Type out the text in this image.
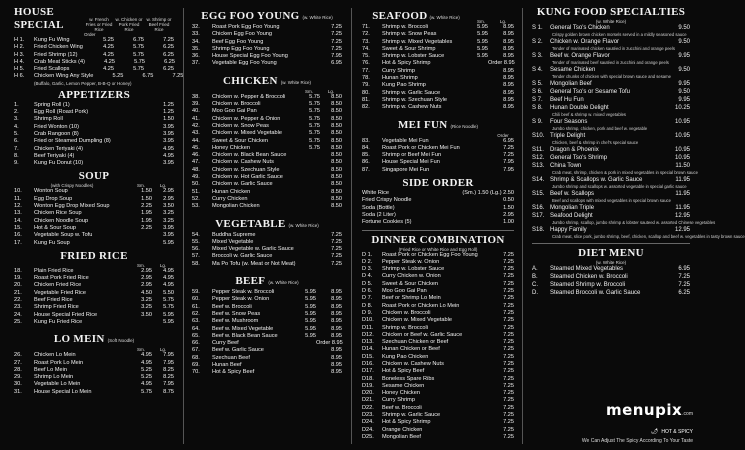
HOUSE SPECIAL	w. French Fries or Fried Rice
w. Chicken or Pork Fried Rice
w. Shrimp or Beef Fried Rice
Order
H 1.	Kung Fu Wing	5.25	6.75	7.25
H 2.	Fried Chicken Wing	4.25	5.75	6.25
H 3.	Fried Shrimp (12)	4.25	5.75	6.25
H 4.	Crab Meat Sticks (4)	4.25	5.75	6.25
H 5.	Fried Scallops	4.25	5.75	6.25
H 6.	Chicken Wing Any Style	5.25	6.75	7.25
(Buffalo, Garlic, Lemon Pepper, B-B-Q or Honey)
APPETIZERS
1.	Spring Roll (1)	1.25
2.	Egg Roll (Roast Pork)	1.25
3.	Shrimp Roll	1.50
4.	Fried Wonton (10)	3.95
5.	Crab Rangoon (8)	3.95
6.	Fried or Steamed Dumpling (8)	3.95
7.	Chicken Teriyaki (4)	4.95
8.	Beef Teriyaki (4)	4.95
9.	Kung Fu Donut (10)	3.95
SOUP
(with Crispy Noodles)	Sm.	Lg.
10.	Wonton Soup	1.50	2.95
11.	Egg Drop Soup	1.50	2.95
12.	Wonton Egg Drop Mixed Soup	2.25	3.50
13.	Chicken Rice Soup	1.95	3.25
14.	Chicken Noodle Soup	1.95	3.25
15.	Hot & Sour Soup	2.25	3.95
16.	Vegetable Soup w. Tofu	3.95
17.	Kung Fu Soup	5.95
FRIED RICE
Sm.	Lg.
18.	Plain Fried Rice	2.95	4.95
19.	Roast Pork Fried Rice	2.95	4.95
20.	Chicken Fried Rice	2.95	4.95
21.	Vegetable Fried Rice	4.50	5.50
22.	Beef Fried Rice	3.25	5.75
23.	Shrimp Fried Rice	3.25	5.75
24.	House Special Fried Rice	3.50	5.95
25.	Kung Fu Fried Rice	5.95
LO MEIN (Soft Noodle)
Sm.	Lg.
26.	Chicken Lo Mein	4.95	7.95
27.	Roast Pork Lo Mein	4.95	7.95
28.	Beef Lo Mein	5.25	8.25
29.	Shrimp Lo Mein	5.25	8.25
30.	Vegetable Lo Mein	4.95	7.95
31.	House Special Lo Mein	5.75	8.75
EGG FOO YOUNG (w. White Rice)
32.	Roast Pork Egg Foo Young	7.25
33.	Chicken Egg Foo Young	7.25
34.	Beef Egg Foo Young	7.25
35.	Shrimp Egg Foo Young	7.25
36.	House Special Egg Foo Young	7.95
37.	Vegetable Egg Foo Young	6.95
CHICKEN (w. White Rice)
Sm.	Lg.
38.	Chicken w. Pepper & Broccoli	5.75	8.50
39.	Chicken w. Broccoli	5.75	8.50
40.	Moo Goo Gai Pan	5.75	8.50
41.	Chicken w. Pepper & Onion	5.75	8.50
42.	Chicken w. Snow Peas	5.75	8.50
43.	Chicken w. Mixed Vegetable	5.75	8.50
44.	Sweet & Sour Chicken	5.75	8.50
45.	Honey Chicken	5.75	8.50
46.	Chicken w. Black Bean Sauce	8.50
47.	Chicken w. Cashew Nuts	8.50
48.	Chicken w. Szechuan Style	8.50
49.	Chicken w. Hot Garlic Sauce	8.50
50.	Chicken w. Garlic Sauce	8.50
51.	Hunan Chicken	8.50
52.	Curry Chicken	8.50
53.	Mongolian Chicken	8.50
VEGETABLE (w. White Rice)
54.	Buddha Supreme	7.25
55.	Mixed Vegetable	7.25
56.	Mixed Vegetable w. Garlic Sauce	7.25
57.	Broccoli w. Garlic Sauce	7.25
58.	Ma Po Tofu (w. Meat or Not Meat)	7.25
BEEF (w. White Rice)
59.	Pepper Steak w. Broccoli	5.95	8.95
60.	Pepper Steak w. Onion	5.95	8.95
61.	Beef w. Broccoli	5.95	8.95
62.	Beef w. Snow Peas	5.95	8.95
63.	Beef w. Mushroom	5.95	8.95
64.	Beef w. Mixed Vegetable	5.95	8.95
65.	Beef w. Black Bean Sauce	5.95	8.95
66.	Curry Beef	Order 8.95
67.	Beef w. Garlic Sauce	8.95
68.	Szechuan Beef	8.95
69.	Hunan Beef	8.95
70.	Hot & Spicy Beef	8.95
SEAFOOD (w. White Rice)
Sm.	Lg.
71.	Shrimp w. Broccoli	5.95	8.95
72.	Shrimp w. Snow Peas	5.95	8.95
73.	Shrimp w. Mixed Vegetables	5.95	8.95
74.	Sweet & Sour Shrimp	5.95	8.95
75.	Shrimp w. Lobster Sauce	5.95	8.95
76.	Hot & Spicy Shrimp	Order 8.95
77.	Curry Shrimp	8.95
78.	Hunan Shrimp	8.95
79.	Kung Pao Shrimp	8.95
80.	Shrimp w. Garlic Sauce	8.95
81.	Shrimp w. Szechuan Style	8.95
82.	Shrimp w. Cashew Nuts	8.95
MEI FUN (Rice Noodle)
Order
83.	Vegetable Mei Fun	6.95
84.	Roast Pork or Chicken Mei Fun	7.25
85.	Shrimp or Beef Mei Fun	7.25
86.	House Special Mei Fun	7.95
87.	Singapore Mei Fun	7.95
SIDE ORDER
White Rice	(Sm.) 1.50 (Lg.) 2.50
Fried Crispy Noodle	0.50
Soda (Bottle)	1.50
Soda (2 Liter)	2.95
Fortune Cookies (5)	1.00
DINNER COMBINATION
(Fried Rice or White Rice and Egg Roll)
D 1.	Roast Pork or Chicken Egg Foo Young	7.25
D 2.	Pepper Steak w. Onion	7.25
D 3.	Shrimp w. Lobster Sauce	7.25
D 4.	Curry Chicken w. Onion	7.25
D 5.	Sweet & Sour Chicken	7.25
D 6.	Moo Goo Gai Pan	7.25
D 7.	Beef or Shrimp Lo Mein	7.25
D 8.	Roast Pork or Chicken Lo Mein	7.25
D 9.	Chicken w. Broccoli	7.25
D10.	Chicken w. Mixed Vegetable	7.25
D11.	Shrimp w. Broccoli	7.25
D12.	Chicken or Beef w. Garlic Sauce	7.25
D13.	Szechuan Chicken or Beef	7.25
D14.	Hunan Chicken or Beef	7.25
D15.	Kung Pao Chicken	7.25
D16.	Chicken w. Cashew Nuts	7.25
D17.	Hot & Spicy Beef	7.25
D18.	Boneless Spare Ribs	7.25
D19.	Sesame Chicken	7.25
D20.	Honey Chicken	7.25
D21.	Curry Shrimp	7.25
D22.	Beef w. Broccoli	7.25
D23.	Shrimp w. Garlic Sauce	7.25
D24.	Hot & Spicy Shrimp	7.25
D24.	Orange Chicken	7.25
D25.	Mongolian Beef	7.25
KUNG FOOD SPECIALTIES
(w. White Rice)
S 1.	General Tso's Chicken	9.50
Crispy golden brown chicken morsels served in a mildly seasoned sauce
S 2.	Chicken w. Orange Flavor	9.50
Tender of marinated chicken sautéed in zucchini and orange peels
S 3.	Beef w. Orange Flavor	9.95
Tender of marinated beef sautéed in zucchini and orange peels
S 4.	Sesame Chicken	9.50
Tender chunks of chicken with special brown sauce and sesame
S 5.	Mongolian Beef	9.95
S 6.	General Tso's or Sesame Tofu	9.50
S 7.	Beef Hu Fun	9.95
S 8.	Hunan Double Delight	10.25
Chili beef & shrimp w. mixed vegetables
S 9.	Four Seasons	10.95
Jumbo shrimp, chicken, pork and beef w. vegetable
S10. Triple Delight	10.95
Chicken, beef & shrimp in chef's special sauce
S11.	Dragon & Phoenix	10.95
S12. General Tso's Shrimp	10.95
S13. China Town	11.50
Crab meat, shrimp, chicken & pork in mixed vegetables in special brown sauce
S14. Shrimp & Scallops w. Garlic Sauce	11.95
Jumbo shrimp and scallops w. assorted vegetable in special garlic sauce
S15. Beef w. Scallops	11.95
Beef and scallops with mixed vegetables in special brown sauce
S16. Mongolian Triple	11.95
S17. Seafood Delight	12.95
Jumbo shrimp, scallop, jumbo shrimp & lobster sauteed w. assorted Chinese vegetables
S18. Happy Family	12.95
Crab meat, slice pork, jumbo shrimp, beef, chicken, scallop and beef w. vegetables in tasty brown sauce
DIET MENU
(w. White Rice)
A.	Steamed Mixed Vegetables	6.95
B.	Steamed Chicken w. Broccoli	7.25
C.	Steamed Shrimp w. Broccoli	7.25
D.	Steamed Broccoli w. Garlic Sauce	6.25
menupix.com
🌶 HOT & SPICY
We Can Adjust The Spicy According To Your Taste
